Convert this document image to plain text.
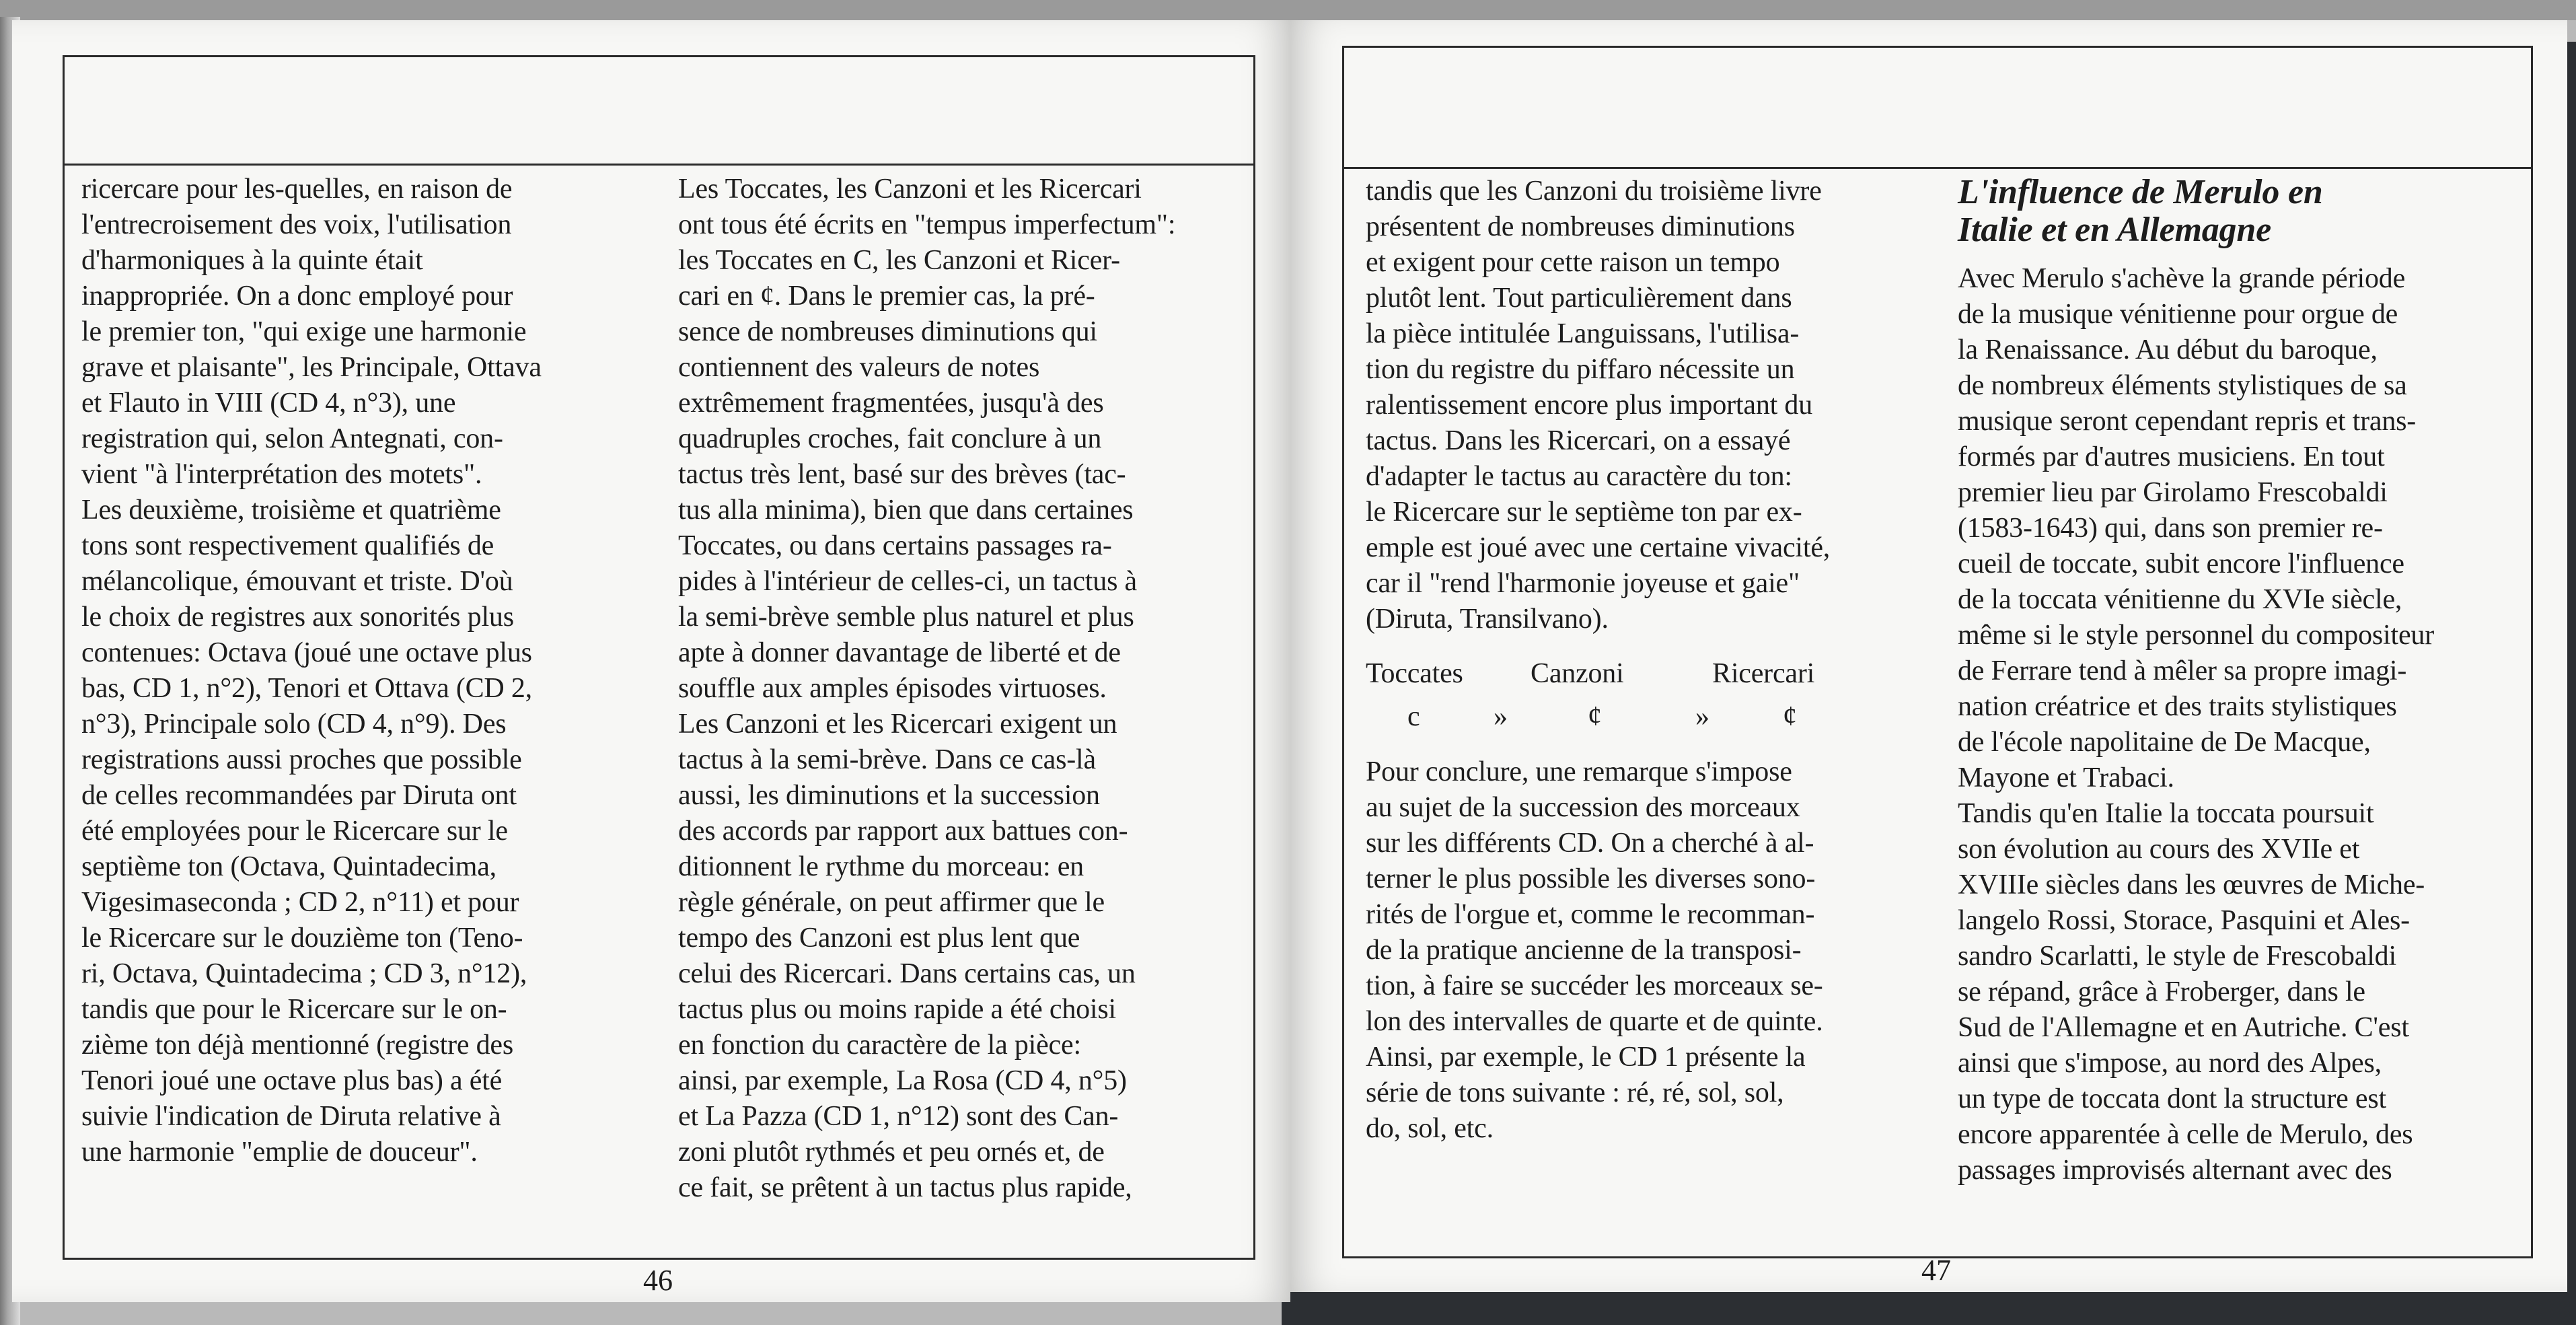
ricercare pour les-quelles, en raison de

l'entrecroisement des voix, l'utilisation

d'harmoniques à la quinte était

inappropriée. On a donc employé pour

le premier ton, "qui exige une harmonie

grave et plaisante", les Principale, Ottava

et Flauto in VIII (CD 4, n°3), une

registration qui, selon Antegnati, con-

vient "à l'interprétation des motets".

Les deuxième, troisième et quatrième

tons sont respectivement qualifiés de

mélancolique, émouvant et triste. D'où

le choix de registres aux sonorités plus

contenues: Octava (joué une octave plus

bas, CD 1, n°2), Tenori et Ottava (CD 2,

n°3), Principale solo (CD 4, n°9). Des

registrations aussi proches que possible

de celles recommandées par Diruta ont

été employées pour le Ricercare sur le

septième ton (Octava, Quintadecima,

Vigesimaseconda ; CD 2, n°11) et pour

le Ricercare sur le douzième ton (Teno-

ri, Octava, Quintadecima ; CD 3, n°12),

tandis que pour le Ricercare sur le on-

zième ton déjà mentionné (registre des

Tenori joué une octave plus bas) a été

suivie l'indication de Diruta relative à

une harmonie "emplie de douceur".

Les Toccates, les Canzoni et les Ricercari

ont tous été écrits en "tempus imperfectum":

les Toccates en C, les Canzoni et Ricer-

cari en ¢. Dans le premier cas, la pré-

sence de nombreuses diminutions qui

contiennent des valeurs de notes

extrêmement fragmentées, jusqu'à des

quadruples croches, fait conclure à un

tactus très lent, basé sur des brèves (tac-

tus alla minima), bien que dans certaines

Toccates, ou dans certains passages ra-

pides à l'intérieur de celles-ci, un tactus à

la semi-brève semble plus naturel et plus

apte à donner davantage de liberté et de

souffle aux amples épisodes virtuoses.

Les Canzoni et les Ricercari exigent un

tactus à la semi-brève. Dans ce cas-là

aussi, les diminutions et la succession

des accords par rapport aux battues con-

ditionnent le rythme du morceau: en

règle générale, on peut affirmer que le

tempo des Canzoni est plus lent que

celui des Ricercari. Dans certains cas, un

tactus plus ou moins rapide a été choisi

en fonction du caractère de la pièce:

ainsi, par exemple, La Rosa (CD 4, n°5)

et La Pazza (CD 1, n°12) sont des Can-

zoni plutôt rythmés et peu ornés et, de

ce fait, se prêtent à un tactus plus rapide,

46

tandis que les Canzoni du troisième livre

présentent de nombreuses diminutions

et exigent pour cette raison un tempo

plutôt lent. Tout particulièrement dans

la pièce intitulée Languissans, l'utilisa-

tion du registre du piffaro nécessite un

ralentissement encore plus important du

tactus. Dans les Ricercari, on a essayé

d'adapter le tactus au caractère du ton:

le Ricercare sur le septième ton par ex-

emple est joué avec une certaine vivacité,

car il "rend l'harmonie joyeuse et gaie"

(Diruta, Transilvano).

Toccates	Canzoni	Ricercari
c	»	¢	»	¢

Pour conclure, une remarque s'impose

au sujet de la succession des morceaux

sur les différents CD. On a cherché à al-

terner le plus possible les diverses sono-

rités de l'orgue et, comme le recomman-

de la pratique ancienne de la transposi-

tion, à faire se succéder les morceaux se-

lon des intervalles de quarte et de quinte.

Ainsi, par exemple, le CD 1 présente la

série de tons suivante : ré, ré, sol, sol,

do, sol, etc.

L'influence de Merulo en

Italie et en Allemagne

Avec Merulo s'achève la grande période

de la musique vénitienne pour orgue de

la Renaissance. Au début du baroque,

de nombreux éléments stylistiques de sa

musique seront cependant repris et trans-

formés par d'autres musiciens. En tout

premier lieu par Girolamo Frescobaldi

(1583-1643) qui, dans son premier re-

cueil de toccate, subit encore l'influence

de la toccata vénitienne du XVIe siècle,

même si le style personnel du compositeur

de Ferrare tend à mêler sa propre imagi-

nation créatrice et des traits stylistiques

de l'école napolitaine de De Macque,

Mayone et Trabaci.

Tandis qu'en Italie la toccata poursuit

son évolution au cours des XVIIe et

XVIIIe siècles dans les œuvres de Miche-

langelo Rossi, Storace, Pasquini et Ales-

sandro Scarlatti, le style de Frescobaldi

se répand, grâce à Froberger, dans le

Sud de l'Allemagne et en Autriche. C'est

ainsi que s'impose, au nord des Alpes,

un type de toccata dont la structure est

encore apparentée à celle de Merulo, des

passages improvisés alternant avec des

47
